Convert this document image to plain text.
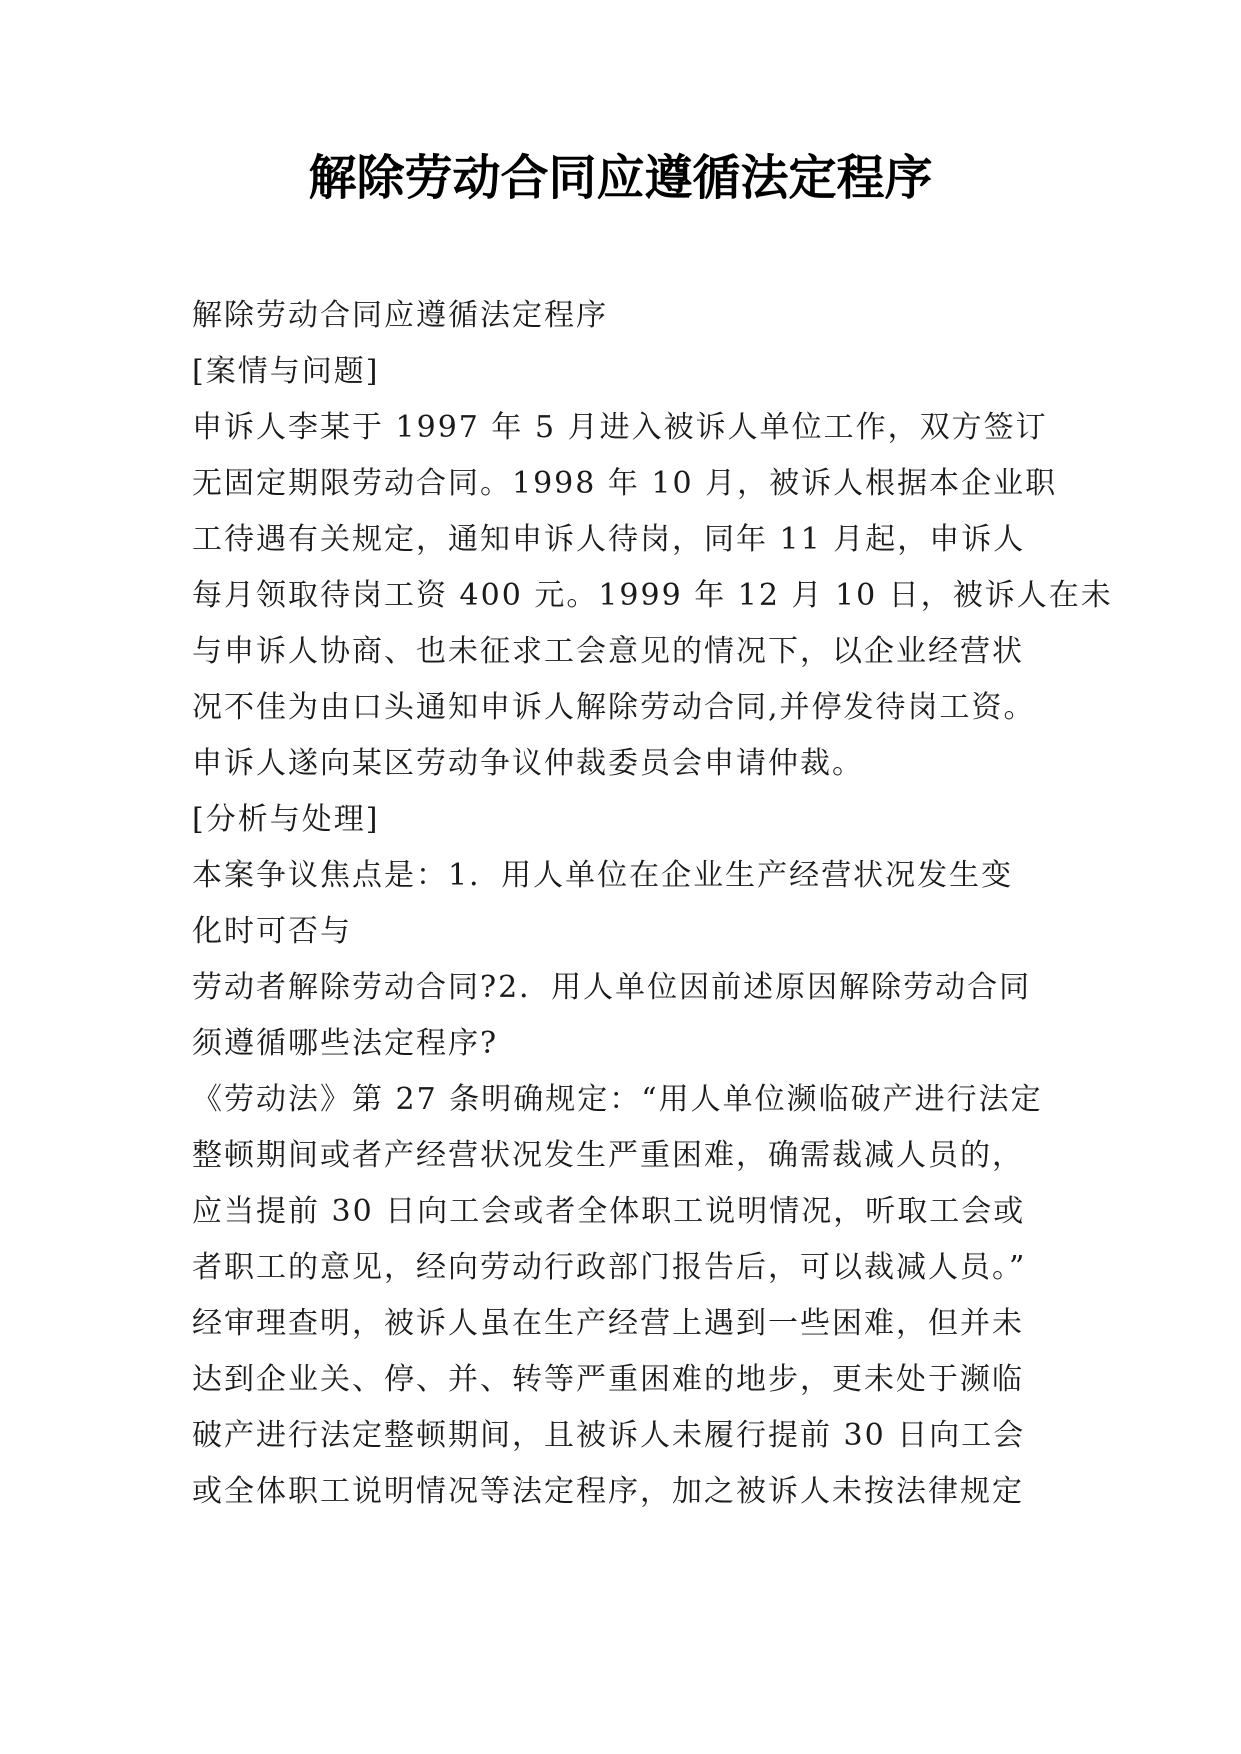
解除劳动合同应遵循法定程序

解除劳动合同应遵循法定程序

[案情与问题]

申诉人李某于 1997 年 5 月进入被诉人单位工作，双方签订

无固定期限劳动合同。1998 年 10 月，被诉人根据本企业职

工待遇有关规定，通知申诉人待岗，同年 11 月起，申诉人

每月领取待岗工资 400 元。1999 年 12 月 10 日，被诉人在未

与申诉人协商、也未征求工会意见的情况下，以企业经营状

况不佳为由口头通知申诉人解除劳动合同,并停发待岗工资。

申诉人遂向某区劳动争议仲裁委员会申请仲裁。

[分析与处理]

本案争议焦点是：1．用人单位在企业生产经营状况发生变

化时可否与

劳动者解除劳动合同?2．用人单位因前述原因解除劳动合同

须遵循哪些法定程序?

《劳动法》第 27 条明确规定：“用人单位濒临破产进行法定

整顿期间或者产经营状况发生严重困难，确需裁减人员的，

应当提前 30 日向工会或者全体职工说明情况，听取工会或

者职工的意见，经向劳动行政部门报告后，可以裁减人员。”

经审理查明，被诉人虽在生产经营上遇到一些困难，但并未

达到企业关、停、并、转等严重困难的地步，更未处于濒临

破产进行法定整顿期间，且被诉人未履行提前 30 日向工会

或全体职工说明情况等法定程序，加之被诉人未按法律规定
